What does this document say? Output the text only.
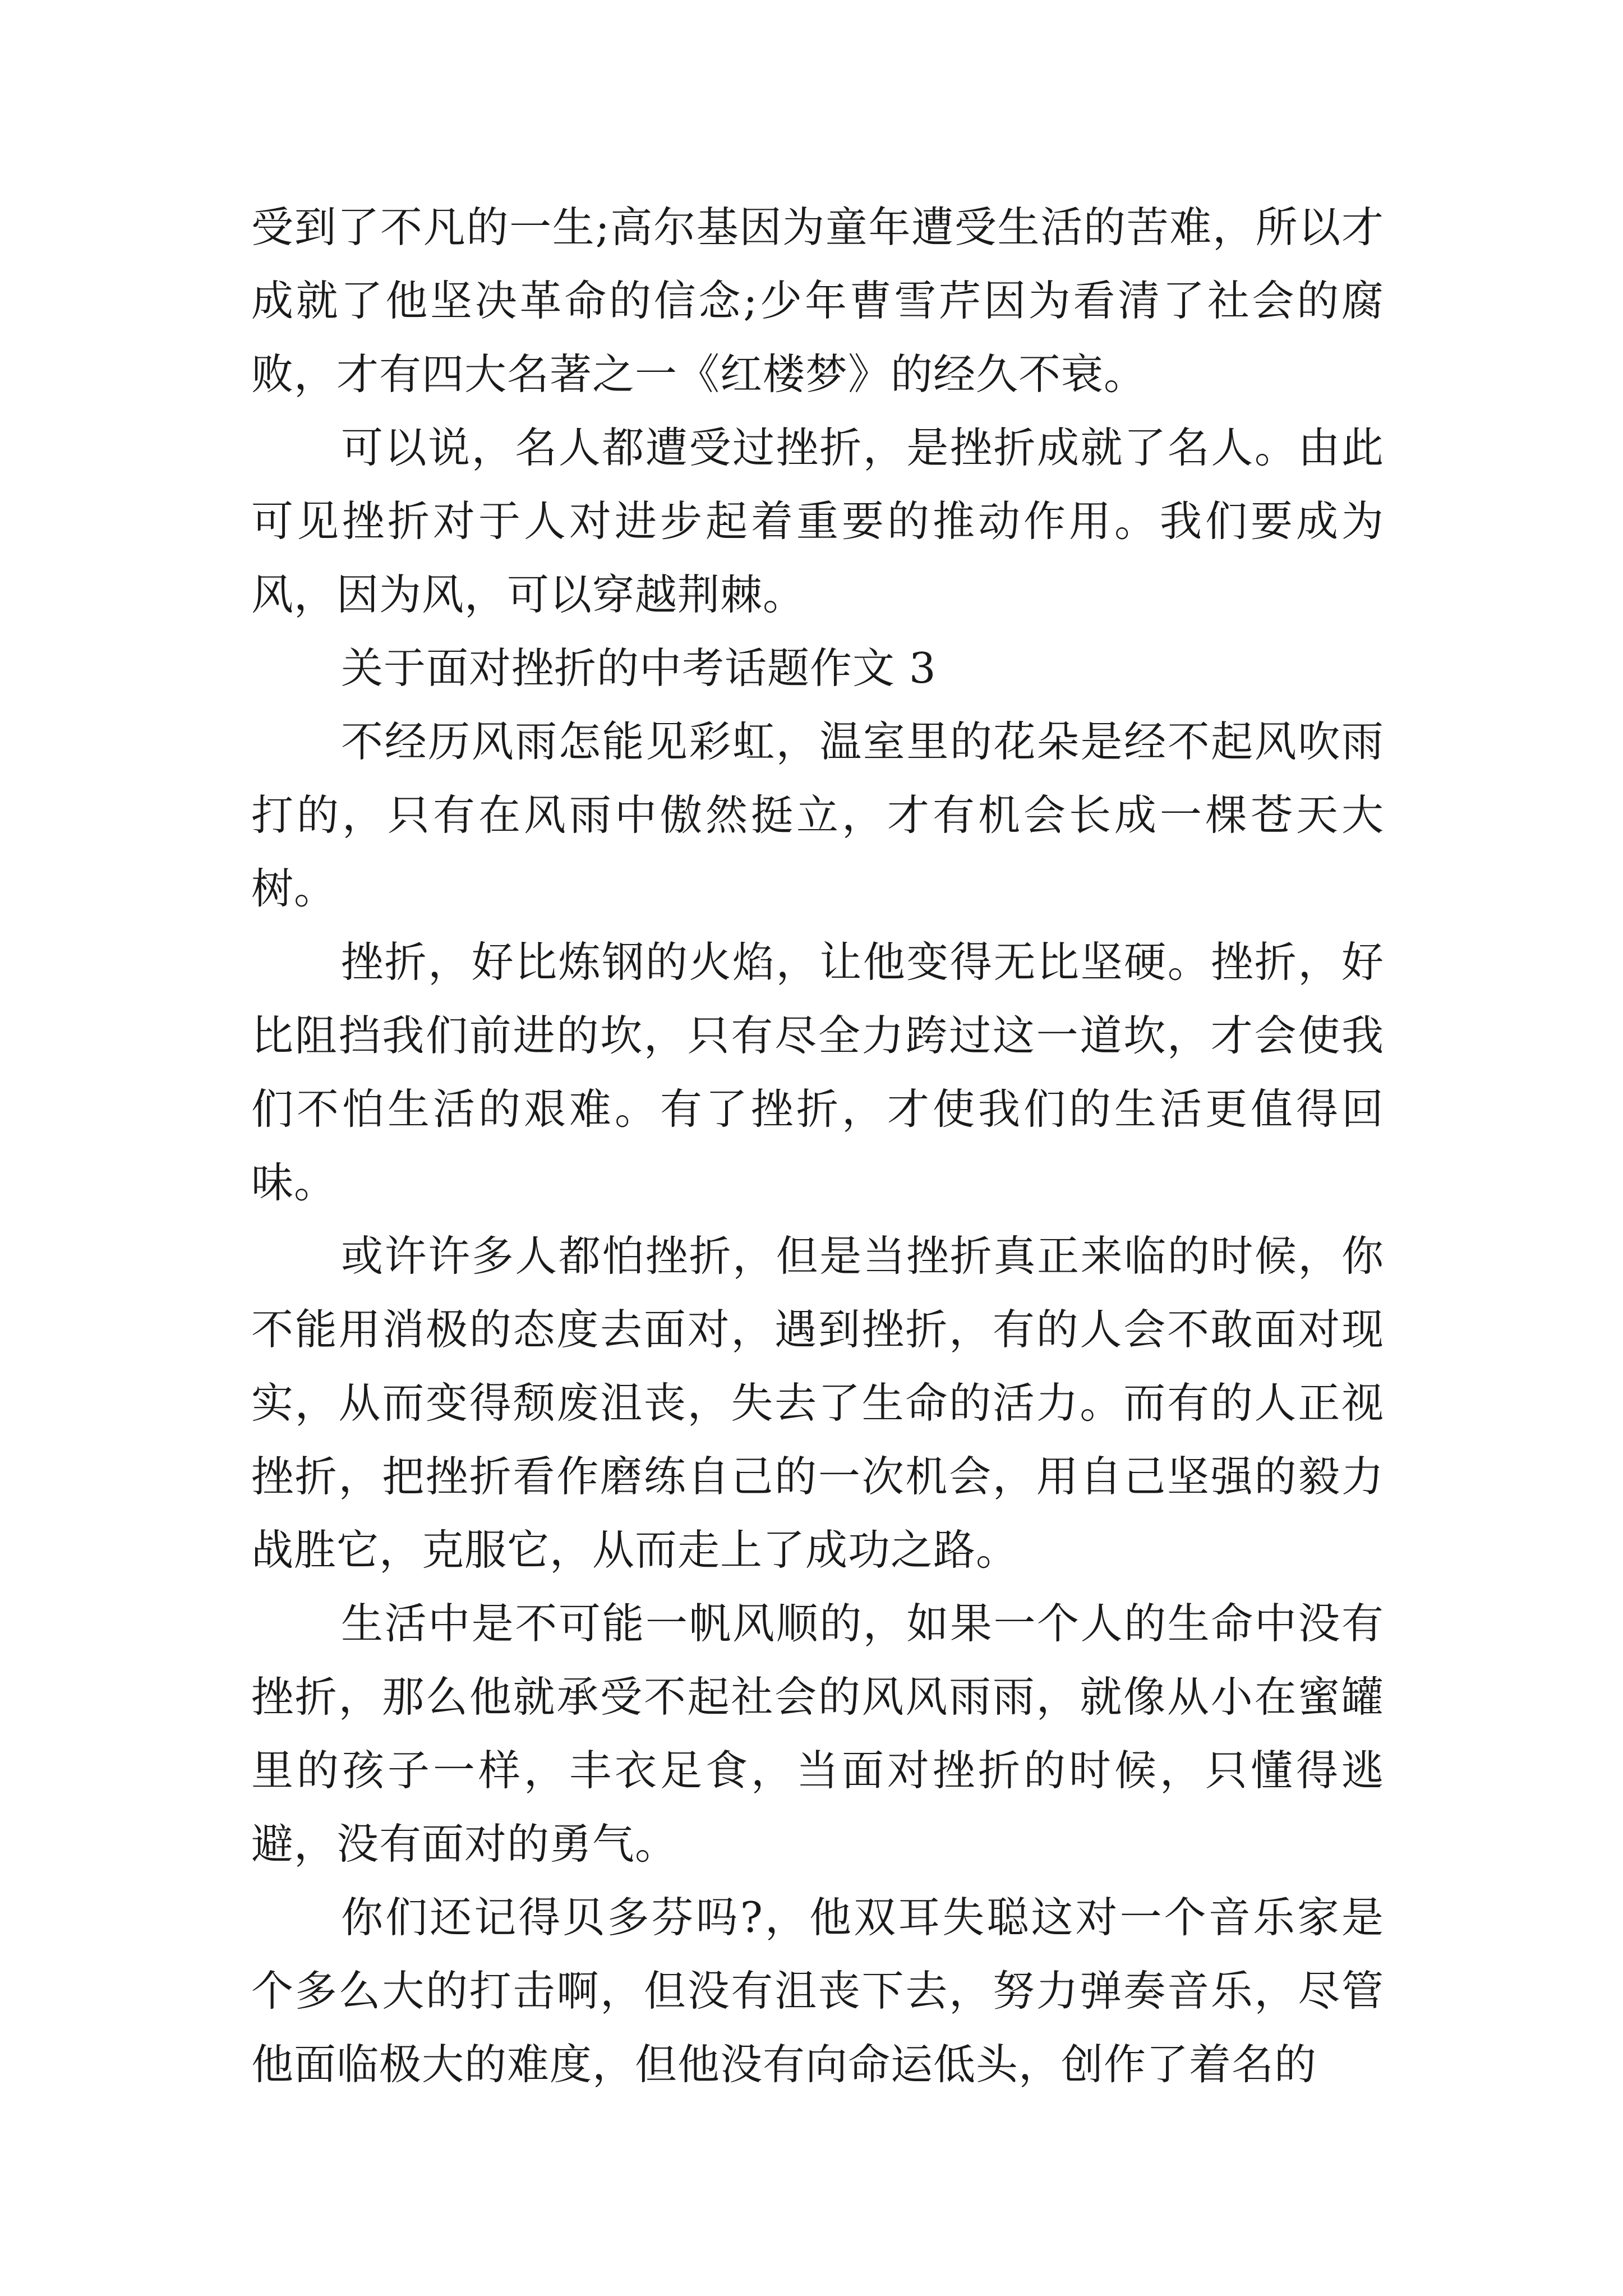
受到了不凡的一生;高尔基因为童年遭受生活的苦难，所以才成就了他坚决革命的信念;少年曹雪芹因为看清了社会的腐败，才有四大名著之一《红楼梦》的经久不衰。

可以说，名人都遭受过挫折，是挫折成就了名人。由此可见挫折对于人对进步起着重要的推动作用。我们要成为风，因为风，可以穿越荆棘。

关于面对挫折的中考话题作文 3

不经历风雨怎能见彩虹，温室里的花朵是经不起风吹雨打的，只有在风雨中傲然挺立，才有机会长成一棵苍天大树。

挫折，好比炼钢的火焰，让他变得无比坚硬。挫折，好比阻挡我们前进的坎，只有尽全力跨过这一道坎，才会使我们不怕生活的艰难。有了挫折，才使我们的生活更值得回味。

或许许多人都怕挫折，但是当挫折真正来临的时候，你不能用消极的态度去面对，遇到挫折，有的人会不敢面对现实，从而变得颓废沮丧，失去了生命的活力。而有的人正视挫折，把挫折看作磨练自己的一次机会，用自己坚强的毅力战胜它，克服它，从而走上了成功之路。

生活中是不可能一帆风顺的，如果一个人的生命中没有挫折，那么他就承受不起社会的风风雨雨，就像从小在蜜罐里的孩子一样，丰衣足食，当面对挫折的时候，只懂得逃避，没有面对的勇气。

你们还记得贝多芬吗?，他双耳失聪这对一个音乐家是个多么大的打击啊，但没有沮丧下去，努力弹奏音乐，尽管他面临极大的难度，但他没有向命运低头，创作了着名的
